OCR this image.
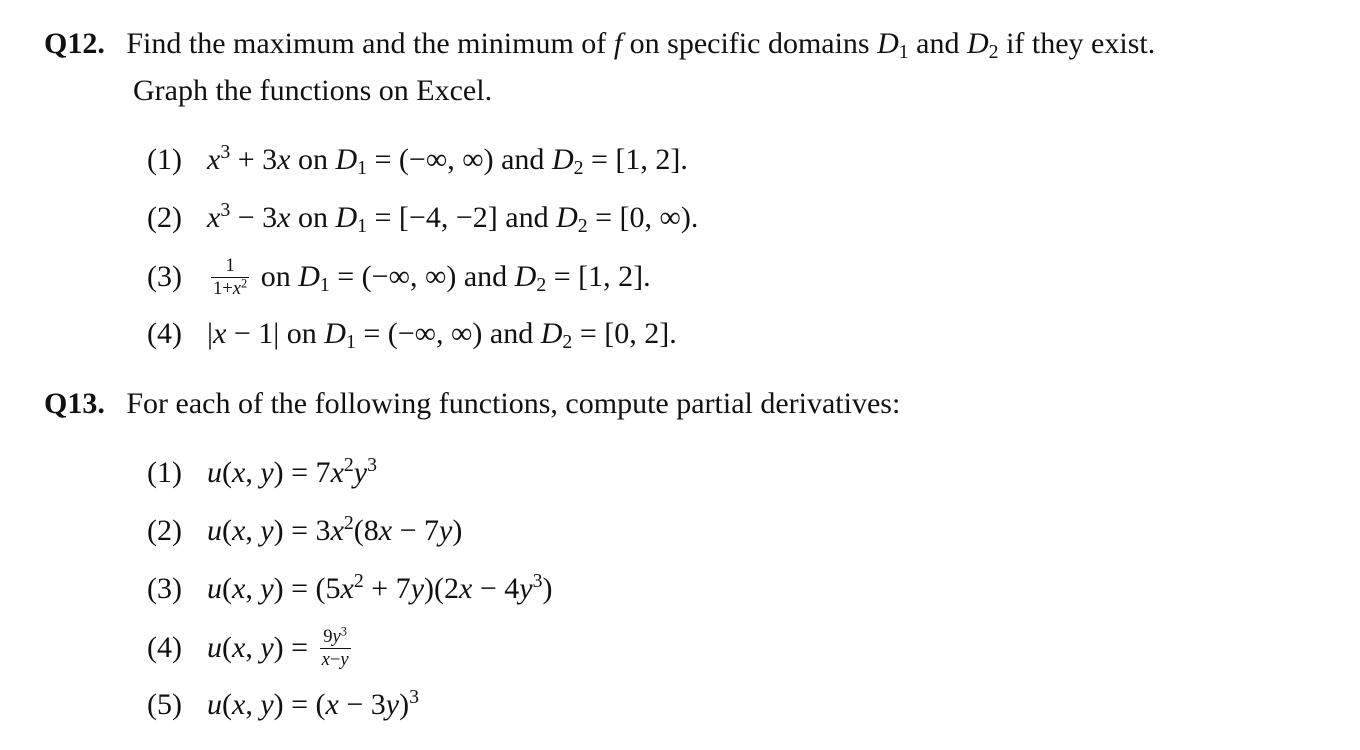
Q12. Find the maximum and the minimum of f on specific domains $D_1$ and $D_2$ if they exist.
Graph the functions on Excel.
(1) $x^3 + 3x$ on $D_1$ = (−∞, ∞) and $D_2 = [1$, 2].
(2) $x^3 - 3x$ on $D_1 = [-4$, −2] and $D_2 = [0$, ∞).
$(3) \frac{1}{1+x^2}$ on $D_1$ = (−∞, ∞) and $D_2 = [1$, 2].
(4) |x − 1| on $D_1$ = (−∞, ∞) and $D_2 = [0$, 2].
Q13. For each of the following functions, compute partial derivatives:
(1) u(x, $y) = 7x^2y^3$
(2) u(x, $y) = 3x^2(8x - 7y)$
(3) u(x, $y) = (5x^2 + 7y)(2x - 4y^3)$
(4) u(x, $y) = \frac{9y^3}{x-y}$
(5) u(x, $y) = (x - 3y)^3$
